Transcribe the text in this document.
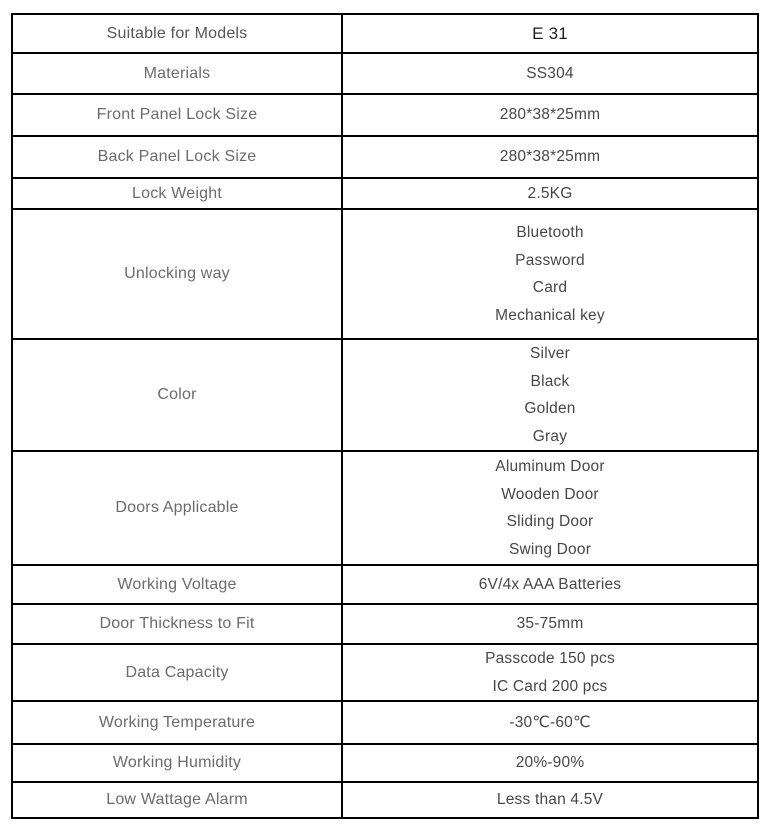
Suitable for Models	E 31

Materials	SS304

Front Panel Lock Size	280*38*25mm

Back Panel Lock Size	280*38*25mm

Lock Weight	2.5KG

Unlocking way	Bluetooth
Password
Card
Mechanical key

Color	Silver
Black
Golden
Gray

Doors Applicable	Aluminum Door
Wooden Door
Sliding Door
Swing Door

Working Voltage	6V/4x AAA Batteries

Door Thickness to Fit	35-75mm

Data Capacity	Passcode 150 pcs
IC Card 200 pcs

Working Temperature	-30℃-60℃

Working Humidity	20%-90%

Low Wattage Alarm	Less than 4.5V
